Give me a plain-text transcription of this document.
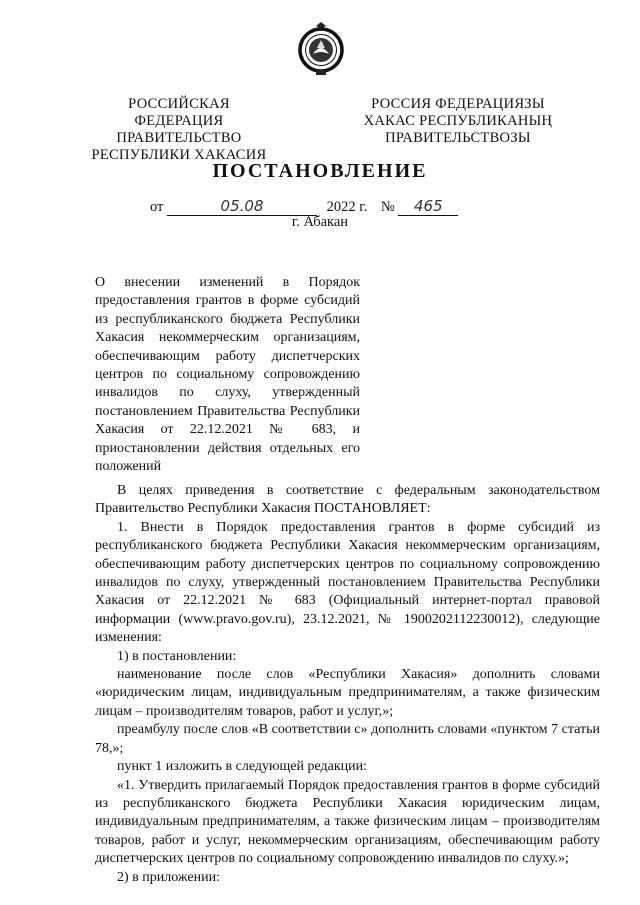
РОССИЙСКАЯ ФЕДЕРАЦИЯ
ПРАВИТЕЛЬСТВО
РЕСПУБЛИКИ ХАКАСИЯ
РОССИЯ ФЕДЕРАЦИЯЗЫ
ХАКАС РЕСПУБЛИКАНЫҢ
ПРАВИТЕЛЬСТВОЗЫ
ПОСТАНОВЛЕНИЕ
от	05.08	2022 г. № 465
г. Абакан

О внесении изменений в Порядок предоставления грантов в форме субсидий из республиканского бюджета Республики Хакасия некоммерческим организациям, обеспечивающим работу диспетчерских центров по социальному сопровождению инвалидов по слуху, утвержденный постановлением Правительства Республики Хакасия от 22.12.2021 № 683, и приостановлении действия отдельных его положений

В целях приведения в соответствие с федеральным законодательством Правительство Республики Хакасия ПОСТАНОВЛЯЕТ:

1. Внести в Порядок предоставления грантов в форме субсидий из республиканского бюджета Республики Хакасия некоммерческим организациям, обеспечивающим работу диспетчерских центров по социальному сопровождению инвалидов по слуху, утвержденный постановлением Правительства Республики Хакасия от 22.12.2021 № 683 (Официальный интернет-портал правовой информации (www.pravo.gov.ru), 23.12.2021, № 1900202112230012), следующие изменения:

1) в постановлении:

наименование после слов «Республики Хакасия» дополнить словами «юридическим лицам, индивидуальным предпринимателям, а также физическим лицам – производителям товаров, работ и услуг,»;

преамбулу после слов «В соответствии с» дополнить словами «пунктом 7 статьи 78,»;

пункт 1 изложить в следующей редакции:

«1. Утвердить прилагаемый Порядок предоставления грантов в форме субсидий из республиканского бюджета Республики Хакасия юридическим лицам, индивидуальным предпринимателям, а также физическим лицам – производителям товаров, работ и услуг, некоммерческим организациям, обеспечивающим работу диспетчерских центров по социальному сопровождению инвалидов по слуху.»;

2) в приложении:
